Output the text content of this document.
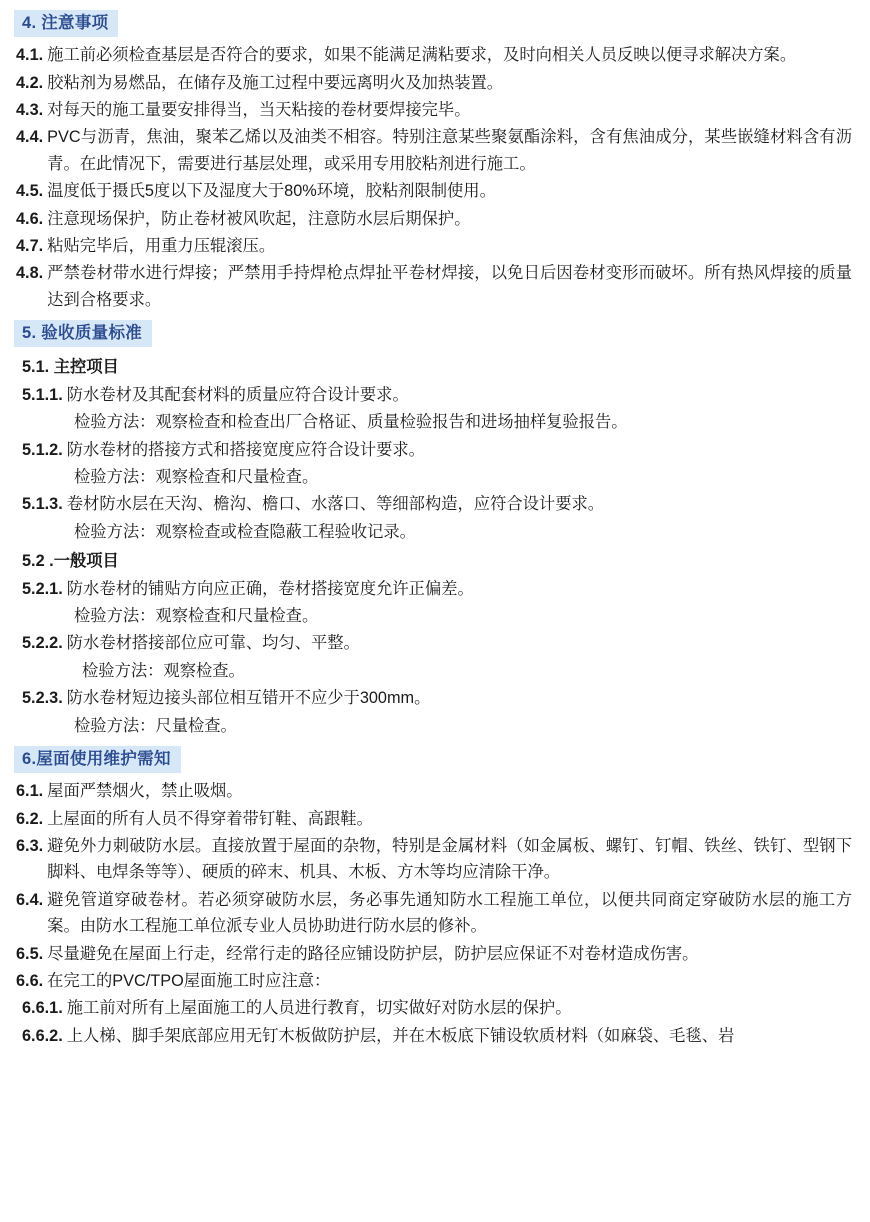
4. 注意事项
4.1. 施工前必须检查基层是否符合的要求，如果不能满足满粘要求，及时向相关人员反映以便寻求解决方案。
4.2. 胶粘剂为易燃品，在储存及施工过程中要远离明火及加热装置。
4.3. 对每天的施工量要安排得当，当天粘接的卷材要焊接完毕。
4.4. PVC与沥青，焦油，聚苯乙烯以及油类不相容。特别注意某些聚氨酯涂料，含有焦油成分，某些嵌缝材料含有沥青。在此情况下，需要进行基层处理，或采用专用胶粘剂进行施工。
4.5. 温度低于摄氏5度以下及湿度大于80%环境，胶粘剂限制使用。
4.6. 注意现场保护，防止卷材被风吹起，注意防水层后期保护。
4.7. 粘贴完毕后，用重力压辊滚压。
4.8. 严禁卷材带水进行焊接；严禁用手持焊枪点焊扯平卷材焊接，以免日后因卷材变形而破坏。所有热风焊接的质量达到合格要求。
5. 验收质量标准
5.1. 主控项目
5.1.1. 防水卷材及其配套材料的质量应符合设计要求。
检验方法：观察检查和检查出厂合格证、质量检验报告和进场抽样复验报告。
5.1.2. 防水卷材的搭接方式和搭接宽度应符合设计要求。
检验方法：观察检查和尺量检查。
5.1.3. 卷材防水层在天沟、檐沟、檐口、水落口、等细部构造，应符合设计要求。
检验方法：观察检查或检查隐蔽工程验收记录。
5.2 .一般项目
5.2.1. 防水卷材的铺贴方向应正确，卷材搭接宽度允许正偏差。
检验方法：观察检查和尺量检查。
5.2.2. 防水卷材搭接部位应可靠、均匀、平整。
检验方法：观察检查。
5.2.3. 防水卷材短边接头部位相互错开不应少于300mm。
检验方法：尺量检查。
6.屋面使用维护需知
6.1. 屋面严禁烟火，禁止吸烟。
6.2. 上屋面的所有人员不得穿着带钉鞋、高跟鞋。
6.3. 避免外力刺破防水层。直接放置于屋面的杂物，特别是金属材料（如金属板、螺钉、钉帽、铁丝、铁钉、型钢下脚料、电焊条等等）、硬质的碎末、机具、木板、方木等均应清除干净。
6.4. 避免管道穿破卷材。若必须穿破防水层，务必事先通知防水工程施工单位，以便共同商定穿破防水层的施工方案。由防水工程施工单位派专业人员协助进行防水层的修补。
6.5. 尽量避免在屋面上行走，经常行走的路径应铺设防护层，防护层应保证不对卷材造成伤害。
6.6. 在完工的PVC/TPO屋面施工时应注意：
6.6.1. 施工前对所有上屋面施工的人员进行教育，切实做好对防水层的保护。
6.6.2. 上人梯、脚手架底部应用无钉木板做防护层，并在木板底下铺设软质材料（如麻袋、毛毯、岩
